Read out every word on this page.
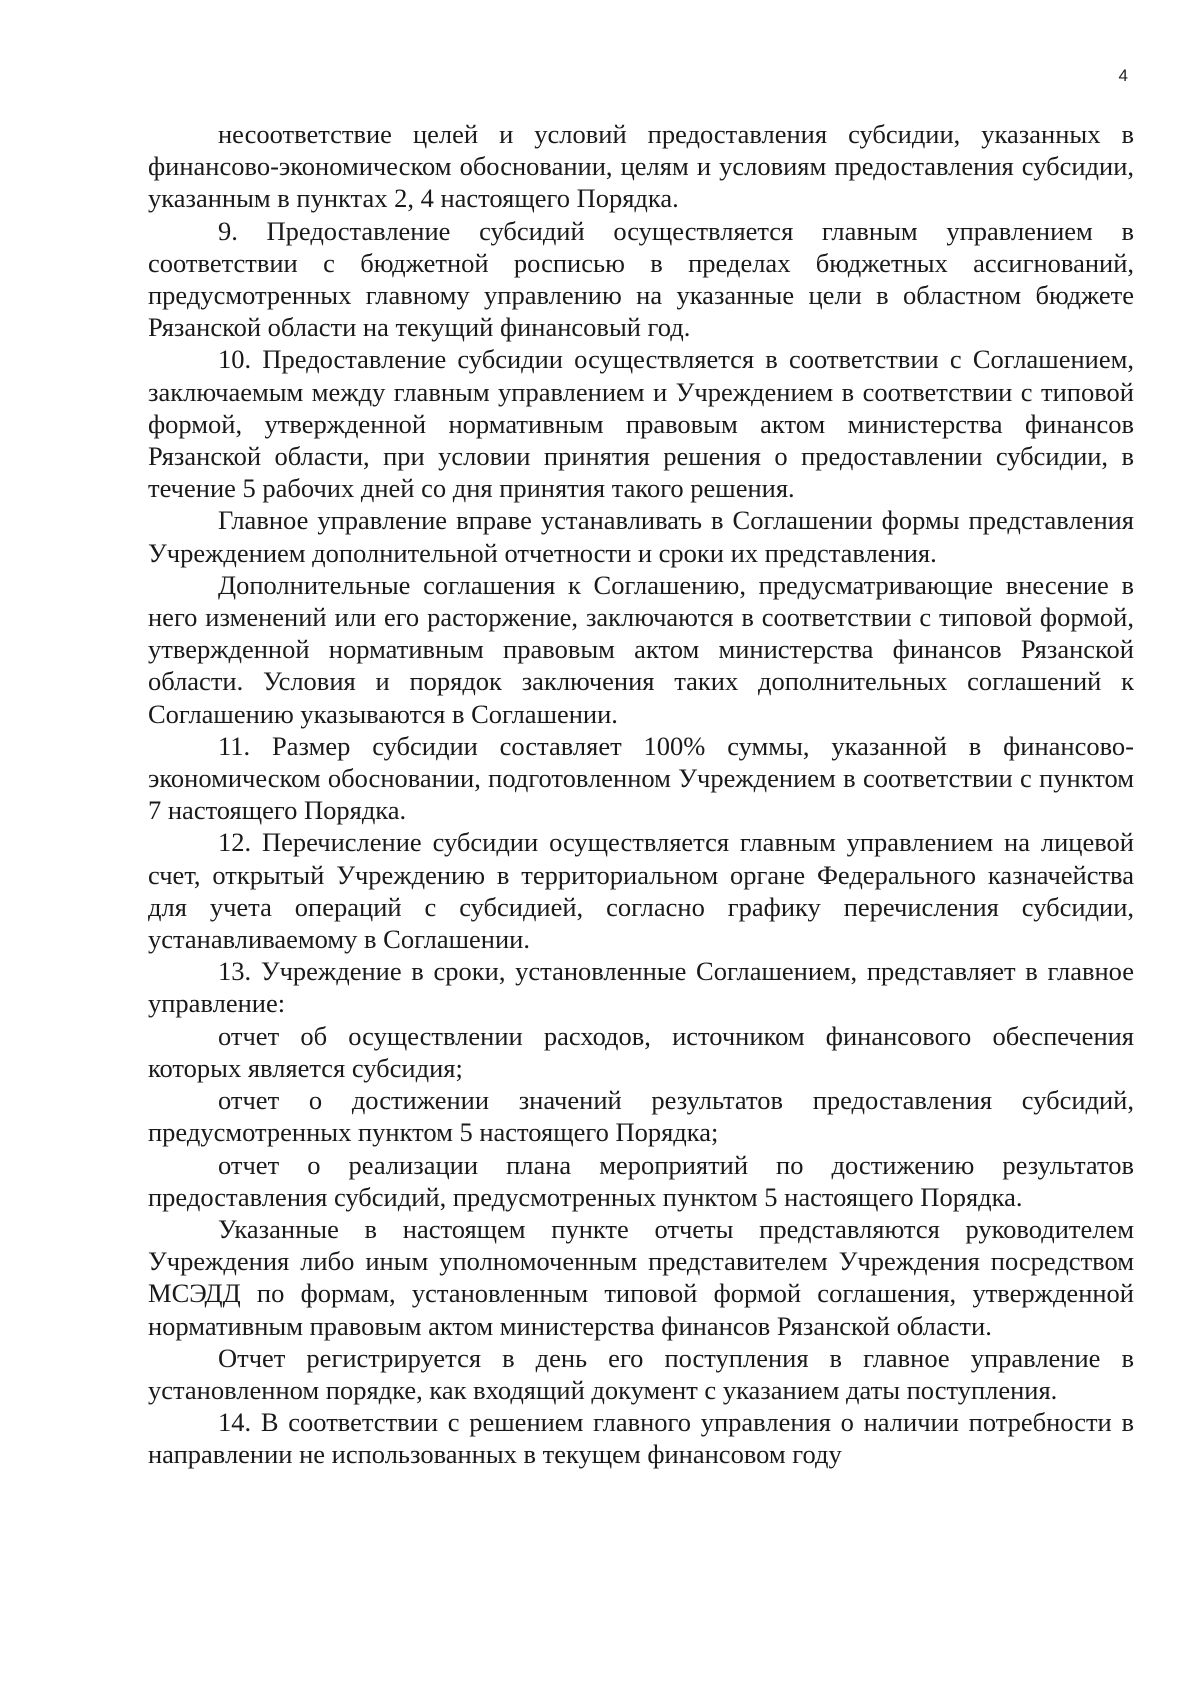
4

несоответствие целей и условий предоставления субсидии, указанных в финансово-экономическом обосновании, целям и условиям предоставления субсидии, указанным в пунктах 2, 4 настоящего Порядка.

9. Предоставление субсидий осуществляется главным управлением в соответствии с бюджетной росписью в пределах бюджетных ассигнований, предусмотренных главному управлению на указанные цели в областном бюджете Рязанской области на текущий финансовый год.

10. Предоставление субсидии осуществляется в соответствии с Соглашением, заключаемым между главным управлением и Учреждением в соответствии с типовой формой, утвержденной нормативным правовым актом министерства финансов Рязанской области, при условии принятия решения о предоставлении субсидии, в течение 5 рабочих дней со дня принятия такого решения.

Главное управление вправе устанавливать в Соглашении формы представления Учреждением дополнительной отчетности и сроки их представления.

Дополнительные соглашения к Соглашению, предусматривающие внесение в него изменений или его расторжение, заключаются в соответствии с типовой формой, утвержденной нормативным правовым актом министерства финансов Рязанской области. Условия и порядок заключения таких дополнительных соглашений к Соглашению указываются в Соглашении.

11. Размер субсидии составляет 100% суммы, указанной в финансово-экономическом обосновании, подготовленном Учреждением в соответствии с пунктом 7 настоящего Порядка.

12. Перечисление субсидии осуществляется главным управлением на лицевой счет, открытый Учреждению в территориальном органе Федерального казначейства для учета операций с субсидией, согласно графику перечисления субсидии, устанавливаемому в Соглашении.

13. Учреждение в сроки, установленные Соглашением, представляет в главное управление:

отчет об осуществлении расходов, источником финансового обеспечения которых является субсидия;

отчет о достижении значений результатов предоставления субсидий, предусмотренных пунктом 5 настоящего Порядка;

отчет о реализации плана мероприятий по достижению результатов предоставления субсидий, предусмотренных пунктом 5 настоящего Порядка.

Указанные в настоящем пункте отчеты представляются руководителем Учреждения либо иным уполномоченным представителем Учреждения посредством МСЭДД по формам, установленным типовой формой соглашения, утвержденной нормативным правовым актом министерства финансов Рязанской области.

Отчет регистрируется в день его поступления в главное управление в установленном порядке, как входящий документ с указанием даты поступления.

14. В соответствии с решением главного управления о наличии потребности в направлении не использованных в текущем финансовом году
